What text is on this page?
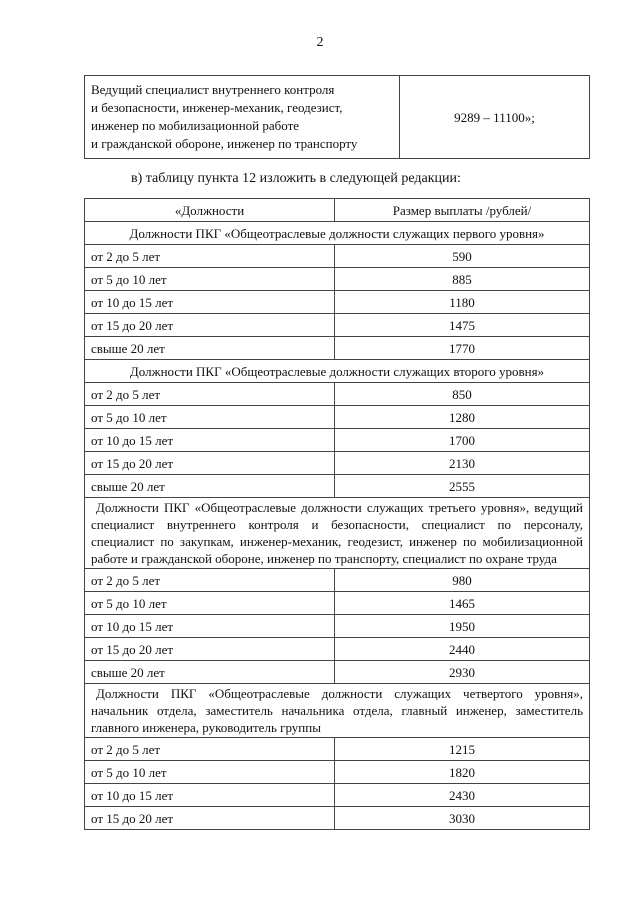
2
Ведущий специалист внутреннего контроля
и безопасности, инженер-механик, геодезист,
инженер по мобилизационной работе
и гражданской обороне, инженер по транспорту
	9289 – 11100»;
в) таблицу пункта 12 изложить в следующей редакции:
«Должности	Размер выплаты /рублей/
Должности ПКГ «Общеотраслевые должности служащих первого уровня»	
от 2 до 5 лет	590
от 5 до 10 лет	885
от 10 до 15 лет	1180
от 15 до 20 лет	1475
свыше 20 лет	1770
Должности ПКГ «Общеотраслевые должности служащих второго уровня»	
от 2 до 5 лет	850
от 5 до 10 лет	1280
от 10 до 15 лет	1700
от 15 до 20 лет	2130
свыше 20 лет	2555
Должности ПКГ «Общеотраслевые должности служащих третьего уровня», ведущий специалист внутреннего контроля и безопасности, специалист по персоналу, специалист по закупкам, инженер-механик, геодезист, инженер по мобилизационной работе и гражданской обороне, инженер по транспорту, специалист по охране труда	
от 2 до 5 лет	980
от 5 до 10 лет	1465
от 10 до 15 лет	1950
от 15 до 20 лет	2440
свыше 20 лет	2930
Должности ПКГ «Общеотраслевые должности служащих четвертого уровня», начальник отдела, заместитель начальника отдела, главный инженер, заместитель главного инженера, руководитель группы	
от 2 до 5 лет	1215
от 5 до 10 лет	1820
от 10 до 15 лет	2430
от 15 до 20 лет	3030
